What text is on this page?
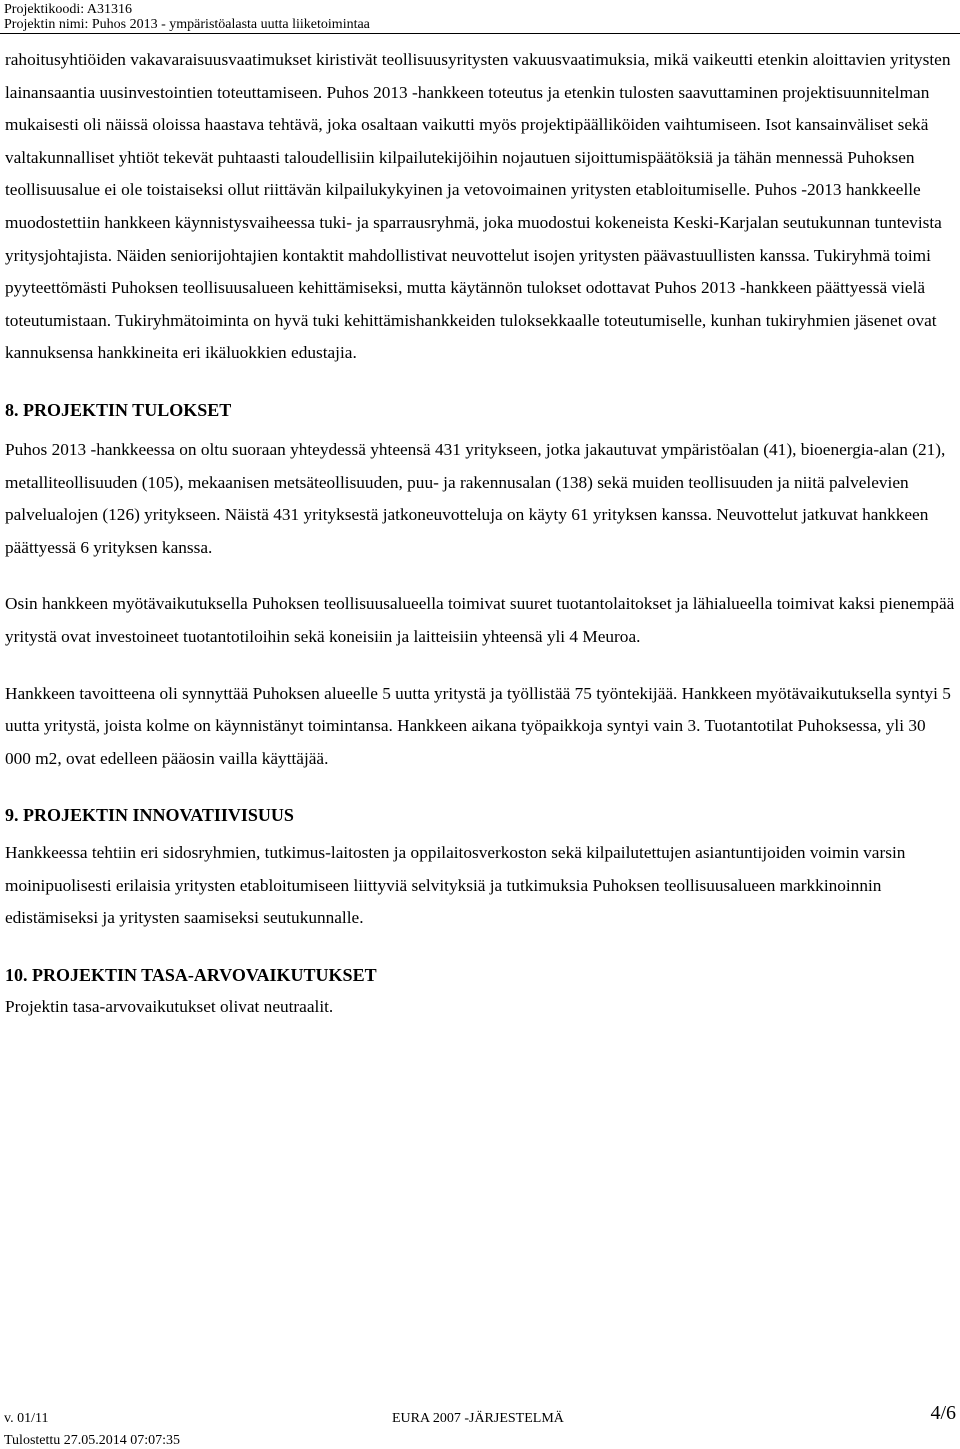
Projektikoodi: A31316
Projektin nimi: Puhos 2013 - ympäristöalasta uutta liiketoimintaa

rahoitusyhtiöiden vakavaraisuusvaatimukset kiristivät teollisuusyritysten vakuusvaatimuksia, mikä vaikeutti etenkin aloittavien yritysten lainansaantia uusinvestointien toteuttamiseen. Puhos 2013 -hankkeen toteutus ja etenkin tulosten saavuttaminen projektisuunnitelman mukaisesti oli näissä oloissa haastava tehtävä, joka osaltaan vaikutti myös projektipäälliköiden vaihtumiseen. Isot kansainväliset sekä valtakunnalliset yhtiöt tekevät puhtaasti taloudellisiin kilpailutekijöihin nojautuen sijoittumispäätöksiä ja tähän mennessä Puhoksen teollisuusalue ei ole toistaiseksi ollut riittävän kilpailukykyinen ja vetovoimainen yritysten etabloitumiselle. Puhos -2013 hankkeelle muodostettiin hankkeen käynnistysvaiheessa tuki- ja sparrausryhmä, joka muodostui kokeneista Keski-Karjalan seutukunnan tuntevista yritysjohtajista. Näiden seniorijohtajien kontaktit mahdollistivat neuvottelut isojen yritysten päävastuullisten kanssa. Tukiryhmä toimi pyyteettömästi Puhoksen teollisuusalueen kehittämiseksi, mutta käytännön tulokset odottavat Puhos 2013 -hankkeen päättyessä vielä toteutumistaan. Tukiryhmätoiminta on hyvä tuki kehittämishankkeiden tuloksekkaalle toteutumiselle, kunhan tukiryhmien jäsenet ovat kannuksensa hankkineita eri ikäluokkien edustajia.

8. PROJEKTIN TULOKSET

Puhos 2013 -hankkeessa on oltu suoraan yhteydessä yhteensä 431 yritykseen, jotka jakautuvat ympäristöalan (41), bioenergia-alan (21), metalliteollisuuden (105), mekaanisen metsäteollisuuden, puu- ja rakennusalan (138) sekä muiden teollisuuden ja niitä palvelevien palvelualojen (126) yritykseen. Näistä 431 yrityksestä jatkoneuvotteluja on käyty 61 yrityksen kanssa. Neuvottelut jatkuvat hankkeen päättyessä 6 yrityksen kanssa.

Osin hankkeen myötävaikutuksella Puhoksen teollisuusalueella toimivat suuret tuotantolaitokset ja lähialueella toimivat kaksi pienempää yritystä ovat investoineet tuotantotiloihin sekä koneisiin ja laitteisiin yhteensä yli 4 Meuroa.

Hankkeen tavoitteena oli synnyttää Puhoksen alueelle 5 uutta yritystä ja työllistää 75 työntekijää. Hankkeen myötävaikutuksella syntyi 5 uutta yritystä, joista kolme on käynnistänyt toimintansa. Hankkeen aikana työpaikkoja syntyi vain 3. Tuotantotilat Puhoksessa, yli 30 000 m2, ovat edelleen pääosin vailla käyttäjää.

9. PROJEKTIN INNOVATIIVISUUS

Hankkeessa tehtiin eri sidosryhmien, tutkimus-laitosten ja oppilaitosverkoston sekä kilpailutettujen asiantuntijoiden voimin varsin moinipuolisesti erilaisia yritysten etabloitumiseen liittyviä selvityksiä ja tutkimuksia Puhoksen teollisuusalueen markkinoinnin edistämiseksi ja yritysten saamiseksi seutukunnalle.

10. PROJEKTIN TASA-ARVOVAIKUTUKSET

Projektin tasa-arvovaikutukset olivat neutraalit.

v. 01/11	EURA 2007 -JÄRJESTELMÄ	4/6
Tulostettu 27.05.2014 07:07:35
